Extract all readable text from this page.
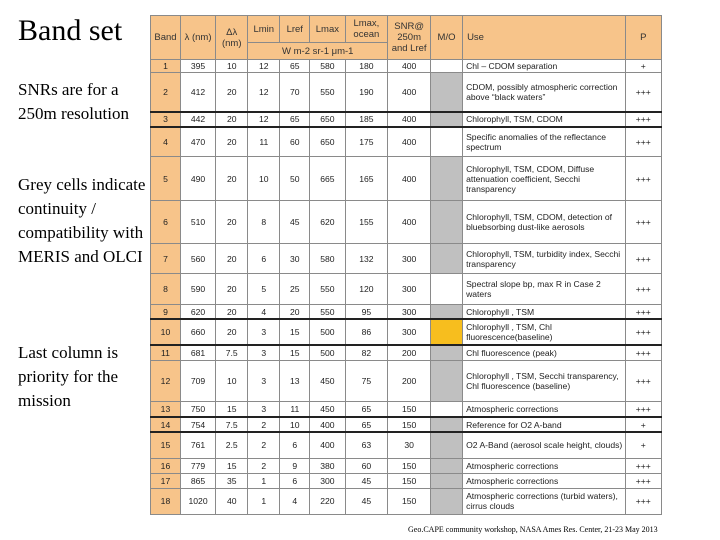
Band set
SNRs are for a 250m resolution
Grey cells indicate continuity / compatibility with MERIS and OLCI
Last column is priority for the mission
Band	λ (nm)	Δλ (nm)	Lmin	Lref	Lmax	Lmax, ocean	SNR@ 250m and Lref	M/O	Use	P
			W m-2 sr-1 μm-1							
1	395	10	12	65	580	180	400		Chl – CDOM separation	+
2	412	20	12	70	550	190	400		CDOM, possibly atmospheric correction above “black waters”	+++
3	442	20	12	65	650	185	400		Chlorophyll, TSM, CDOM	+++
4	470	20	11	60	650	175	400		Specific anomalies of the reflectance spectrum	+++
5	490	20	10	50	665	165	400		Chlorophyll, TSM, CDOM, Diffuse attenuation coefficient, Secchi transparency	+++
6	510	20	8	45	620	155	400		Chlorophyll, TSM, CDOM, detection of bluebsorbing dust-like aerosols	+++
7	560	20	6	30	580	132	300		Chlorophyll, TSM, turbidity index, Secchi transparency	+++
8	590	20	5	25	550	120	300		Spectral slope bp, max R in Case 2 waters	+++
9	620	20	4	20	550	95	300		Chlorophyll , TSM	+++
10	660	20	3	15	500	86	300		Chlorophyll , TSM, Chl fluorescence(baseline)	+++
11	681	7.5	3	15	500	82	200		Chl fluorescence (peak)	+++
12	709	10	3	13	450	75	200		Chlorophyll , TSM, Secchi transparency, Chl fluorescence (baseline)	+++
13	750	15	3	11	450	65	150		Atmospheric corrections	+++
14	754	7.5	2	10	400	65	150		Reference for O2 A-band	+
15	761	2.5	2	6	400	63	30		O2 A-Band (aerosol scale height, clouds)	+
16	779	15	2	9	380	60	150		Atmospheric corrections	+++
17	865	35	1	6	300	45	150		Atmospheric corrections	+++
18	1020	40	1	4	220	45	150		Atmospheric corrections (turbid waters), cirrus clouds	+++
Geo.CAPE community workshop, NASA Ames Res. Center, 21-23 May 2013
